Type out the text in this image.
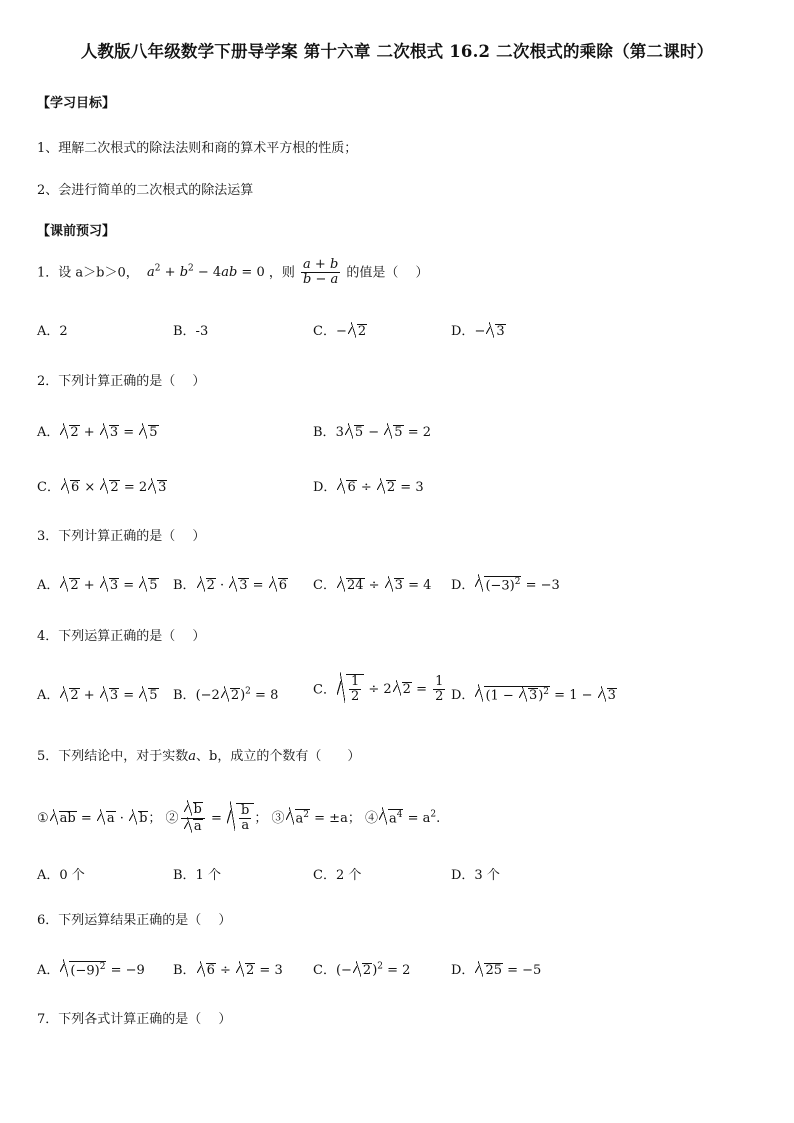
人教版八年级数学下册导学案 第十六章 二次根式 16.2 二次根式的乘除（第二课时）
【学习目标】
1、理解二次根式的除法法则和商的算术平方根的性质；
2、会进行简单的二次根式的除法运算
【课前预习】
1．设 a＞b＞0， $a^2 + b^2 - 4ab = 0$ ，则 $\frac{a + b}{b - a}$ 的值是（　 ）
A．2	B．-3	C．− 2	D．− 3
2．下列计算正确的是（　 ）
A． 2 + 3 = 5	B．3 5 − 5 = 2
C． 6 × 2 = 2 3	D． 6 ÷ 2 = 3
3．下列计算正确的是（　 ）
A． 2 + 3 = 5 B． 2 · 3 = 6 C． 24 ÷ 3 = 4 D． $(-3)^2 = -3$
4．下列运算正确的是（　 ）
A． 2 + 3 = 5 B．(−2 2)$^2$ = 8	C． $\frac{1}{2} \div 2$ $2 = \frac{1}{2}$ D． $(1 - 3)^2 = 1 - 3$
5．下列结论中，对于实数a、b，成立的个数有（　　）
① ab = a · b； ② $\frac{b}{a} = \frac{b}{a}$ ； ③ $a^2 = \pm a$； ④ $a^4 = a^2$.
A．0 个	B．1 个	C．2 个	D．3 个
6．下列运算结果正确的是（　 ）
A． $(-9)^2 = -9$ B． 6 ÷ 2 = 3 C．(− 2)$^2$ = 2	D． 25 = −5
7．下列各式计算正确的是（　 ）
